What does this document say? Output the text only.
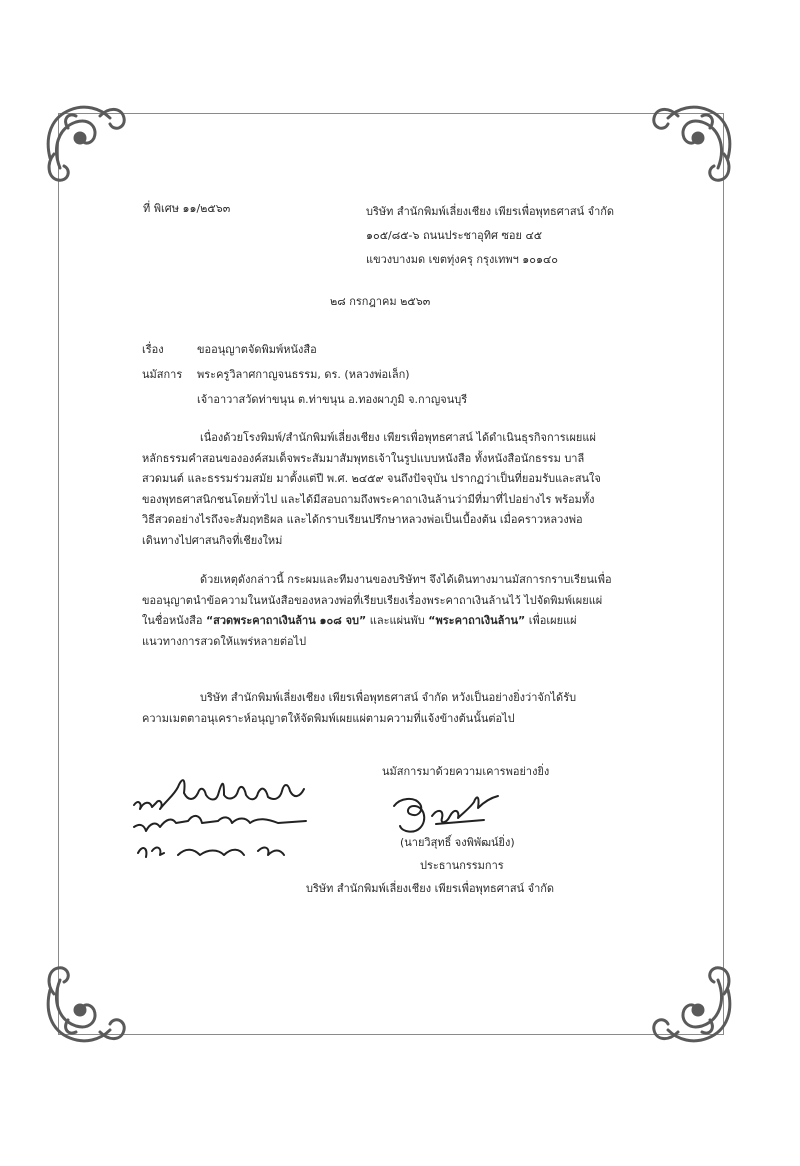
ที่ พิเศษ ๑๑/๒๕๖๓	บริษัท สำนักพิมพ์เลี่ยงเชียง เพียรเพื่อพุทธศาสน์ จำกัด
๑๐๕/๘๕-๖ ถนนประชาอุทิศ ซอย ๔๕
แขวงบางมด เขตทุ่งครุ กรุงเทพฯ ๑๐๑๔๐
๒๘ กรกฎาคม ๒๕๖๓
เรื่อง	ขออนุญาตจัดพิมพ์หนังสือ
นมัสการ พระครูวิลาศกาญจนธรรม, ดร. (หลวงพ่อเล็ก)
เจ้าอาวาสวัดท่าขนุน ต.ท่าขนุน อ.ทองผาภูมิ จ.กาญจนบุรี
เนื่องด้วยโรงพิมพ์/สำนักพิมพ์เลี่ยงเชียง เพียรเพื่อพุทธศาสน์ ได้ดำเนินธุรกิจการเผยแผ่
หลักธรรมคำสอนขององค์สมเด็จพระสัมมาสัมพุทธเจ้าในรูปแบบหนังสือ ทั้งหนังสือนักธรรม บาลี
สวดมนต์ และธรรมร่วมสมัย มาตั้งแต่ปี พ.ศ. ๒๔๕๙ จนถึงปัจจุบัน ปรากฏว่าเป็นที่ยอมรับและสนใจ
ของพุทธศาสนิกชนโดยทั่วไป และได้มีสอบถามถึงพระคาถาเงินล้านว่ามีที่มาที่ไปอย่างไร พร้อมทั้ง
วิธีสวดอย่างไรถึงจะสัมฤทธิผล และได้กราบเรียนปรึกษาหลวงพ่อเป็นเบื้องต้น เมื่อคราวหลวงพ่อ
เดินทางไปศาสนกิจที่เชียงใหม่
ด้วยเหตุดังกล่าวนี้ กระผมและทีมงานของบริษัทฯ จึงได้เดินทางมานมัสการกราบเรียนเพื่อ
ขออนุญาตนำข้อความในหนังสือของหลวงพ่อที่เรียบเรียงเรื่องพระคาถาเงินล้านไว้ ไปจัดพิมพ์เผยแผ่
ในชื่อหนังสือ “สวดพระคาถาเงินล้าน ๑๐๘ จบ” และแผ่นพับ “พระคาถาเงินล้าน” เพื่อเผยแผ่
แนวทางการสวดให้แพร่หลายต่อไป
บริษัท สำนักพิมพ์เลี่ยงเชียง เพียรเพื่อพุทธศาสน์ จำกัด หวังเป็นอย่างยิ่งว่าจักได้รับ
ความเมตตาอนุเคราะห์อนุญาตให้จัดพิมพ์เผยแผ่ตามความที่แจ้งข้างต้นนั้นต่อไป
นมัสการมาด้วยความเคารพอย่างยิ่ง
(นายวิสุทธิ์ จงพิพัฒน์ยิ่ง)
ประธานกรรมการ
บริษัท สำนักพิมพ์เลี่ยงเชียง เพียรเพื่อพุทธศาสน์ จำกัด
